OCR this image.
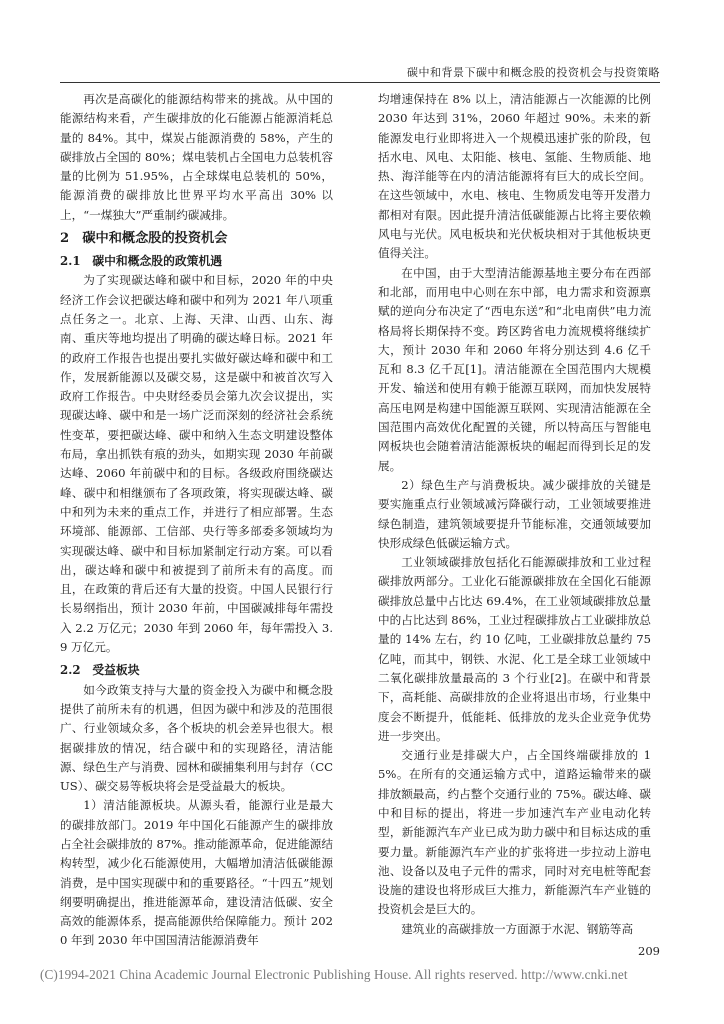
碳中和背景下碳中和概念股的投资机会与投资策略

再次是高碳化的能源结构带来的挑战。从中国的能源结构来看，产生碳排放的化石能源占能源消耗总量的 84%。其中，煤炭占能源消费的 58%，产生的碳排放占全国的 80%；煤电装机占全国电力总装机容量的比例为 51.95%，占全球煤电总装机的 50%，能源消费的碳排放比世界平均水平高出 30% 以上，“一煤独大”严重制约碳减排。

2　碳中和概念股的投资机会
2.1　碳中和概念股的政策机遇

为了实现碳达峰和碳中和目标，2020 年的中央经济工作会议把碳达峰和碳中和列为 2021 年八项重点任务之一。北京、上海、天津、山西、山东、海南、重庆等地均提出了明确的碳达峰日标。2021 年的政府工作报告也提出要扎实做好碳达峰和碳中和工作，发展新能源以及碳交易，这是碳中和被首次写入政府工作报告。中央财经委员会第九次会议提出，实现碳达峰、碳中和是一场广泛而深刻的经济社会系统性变革，要把碳达峰、碳中和纳入生态文明建设整体布局，拿出抓铁有痕的劲头，如期实现 2030 年前碳达峰、2060 年前碳中和的目标。各级政府围绕碳达峰、碳中和相继颁布了各项政策，将实现碳达峰、碳中和列为未来的重点工作，并进行了相应部署。生态环境部、能源部、工信部、央行等多部委多领域均为实现碳达峰、碳中和目标加紧制定行动方案。可以看出，碳达峰和碳中和被提到了前所未有的高度。而且，在政策的背后还有大量的投资。中国人民银行行长易纲指出，预计 2030 年前，中国碳减排每年需投入 2.2 万亿元；2030 年到 2060 年，每年需投入 3.9 万亿元。

2.2　受益板块

如今政策支持与大量的资金投入为碳中和概念股提供了前所未有的机遇，但因为碳中和涉及的范围很广、行业领域众多，各个板块的机会差异也很大。根据碳排放的情况，结合碳中和的实现路径，清洁能源、绿色生产与消费、园林和碳捕集利用与封存（CCUS）、碳交易等板块将会是受益最大的板块。

1）清洁能源板块。从源头看，能源行业是最大的碳排放部门。2019 年中国化石能源产生的碳排放占全社会碳排放的 87%。推动能源革命，促进能源结构转型，减少化石能源使用，大幅增加清洁低碳能源消费，是中国实现碳中和的重要路径。“十四五”规划纲要明确提出，推进能源革命，建设清洁低碳、安全高效的能源体系，提高能源供给保障能力。预计 2020 年到 2030 年中国国清洁能源消费年

均增速保持在 8% 以上，清洁能源占一次能源的比例 2030 年达到 31%，2060 年超过 90%。未来的新能源发电行业即将进入一个规模迅速扩张的阶段，包括水电、风电、太阳能、核电、氢能、生物质能、地热、海洋能等在内的清洁能源将有巨大的成长空间。在这些领域中，水电、核电、生物质发电等开发潜力都相对有限。因此提升清洁低碳能源占比将主要依赖风电与光伏。风电板块和光伏板块相对于其他板块更值得关注。

在中国，由于大型清洁能源基地主要分布在西部和北部，而用电中心则在东中部，电力需求和资源禀赋的逆向分布决定了“西电东送”和“北电南供”电力流格局将长期保持不变。跨区跨省电力流规模将继续扩大，预计 2030 年和 2060 年将分别达到 4.6 亿千瓦和 8.3 亿千瓦[1]。清洁能源在全国范围内大规模开发、输送和使用有赖于能源互联网，而加快发展特高压电网是构建中国能源互联网、实现清洁能源在全国范围内高效优化配置的关键，所以特高压与智能电网板块也会随着清洁能源板块的崛起而得到长足的发展。

2）绿色生产与消费板块。减少碳排放的关键是要实施重点行业领域减污降碳行动，工业领域要推进绿色制造，建筑领域要提升节能标准，交通领域要加快形成绿色低碳运输方式。

工业领域碳排放包括化石能源碳排放和工业过程碳排放两部分。工业化石能源碳排放在全国化石能源碳排放总量中占比达 69.4%，在工业领域碳排放总量中的占比达到 86%，工业过程碳排放占工业碳排放总量的 14% 左右，约 10 亿吨，工业碳排放总量约 75 亿吨，而其中，钢铁、水泥、化工是全球工业领域中二氧化碳排放量最高的 3 个行业[2]。在碳中和背景下，高耗能、高碳排放的企业将退出市场，行业集中度会不断提升，低能耗、低排放的龙头企业竞争优势进一步突出。

交通行业是排碳大户，占全国终端碳排放的 15%。在所有的交通运输方式中，道路运输带来的碳排放额最高，约占整个交通行业的 75%。碳达峰、碳中和目标的提出，将进一步加速汽车产业电动化转型，新能源汽车产业已成为助力碳中和目标达成的重要力量。新能源汽车产业的扩张将进一步拉动上游电池、设备以及电子元件的需求，同时对充电桩等配套设施的建设也将形成巨大推力，新能源汽车产业链的投资机会是巨大的。

建筑业的高碳排放一方面源于水泥、钢筋等高

209
(C)1994-2021 China Academic Journal Electronic Publishing House. All rights reserved. http://www.cnki.net
